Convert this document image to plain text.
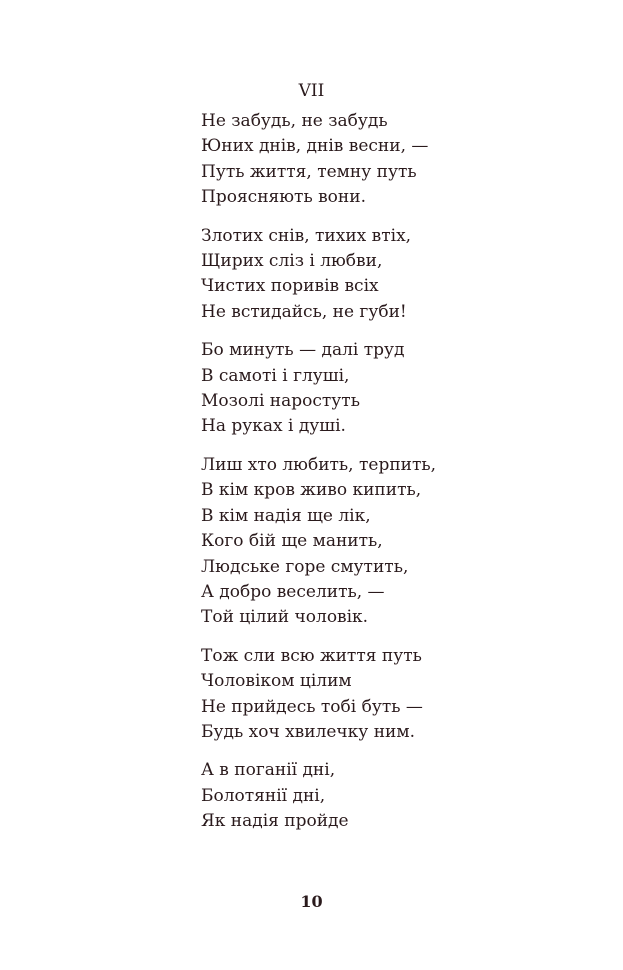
VII
Не забудь, не забудь
Юних днів, днів весни, —
Путь життя, темну путь
Проясняють вони.
Злотих снів, тихих втіх,
Щирих сліз і любви,
Чистих поривів всіх
Не встидайсь, не губи!
Бо минуть — далі труд
В самоті і глуші,
Мозолі наростуть
На руках і душі.
Лиш хто любить, терпить,
В кім кров живо кипить,
В кім надія ще лік,
Кого бій ще манить,
Людське горе смутить,
А добро веселить, —
Той цілий чоловік.
Тож сли всю життя путь
Чоловіком цілим
Не прийдесь тобі буть —
Будь хоч хвилечку ним.
А в поганії дні,
Болотянії дні,
Як надія пройде
10
